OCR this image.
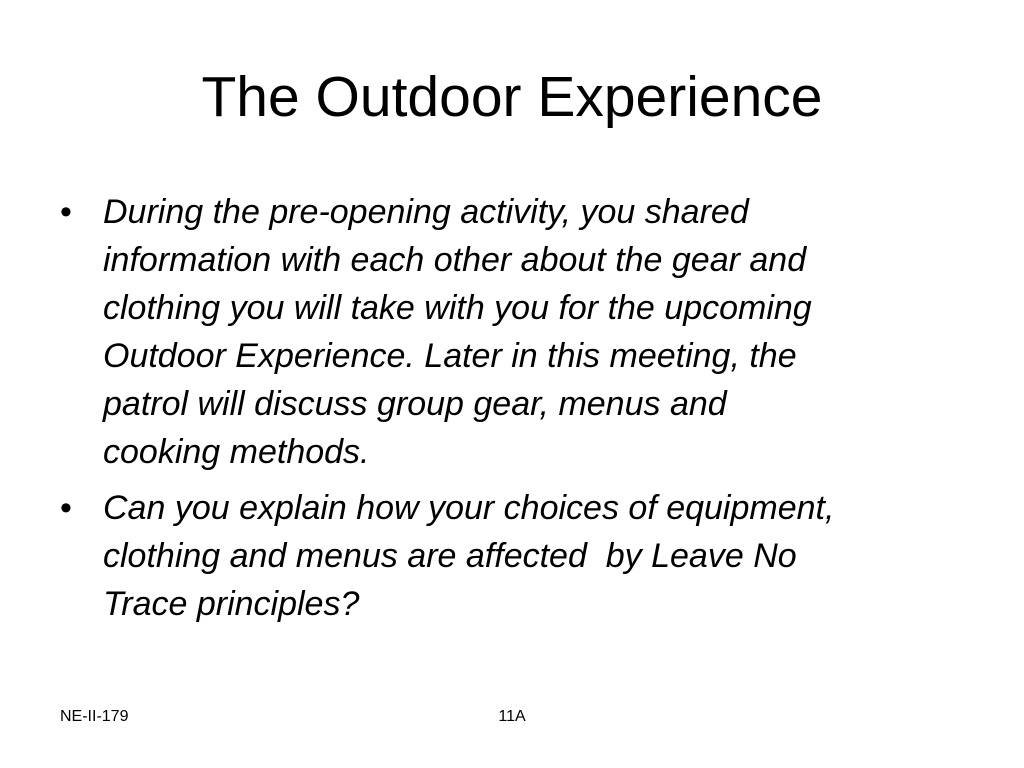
The Outdoor Experience
• During the pre-opening activity, you shared
information with each other about the gear and
clothing you will take with you for the upcoming
Outdoor Experience. Later in this meeting, the
patrol will discuss group gear, menus and
cooking methods.
• Can you explain how your choices of equipment,
clothing and menus are affected  by Leave No
Trace principles?
NE-II-179	11A
